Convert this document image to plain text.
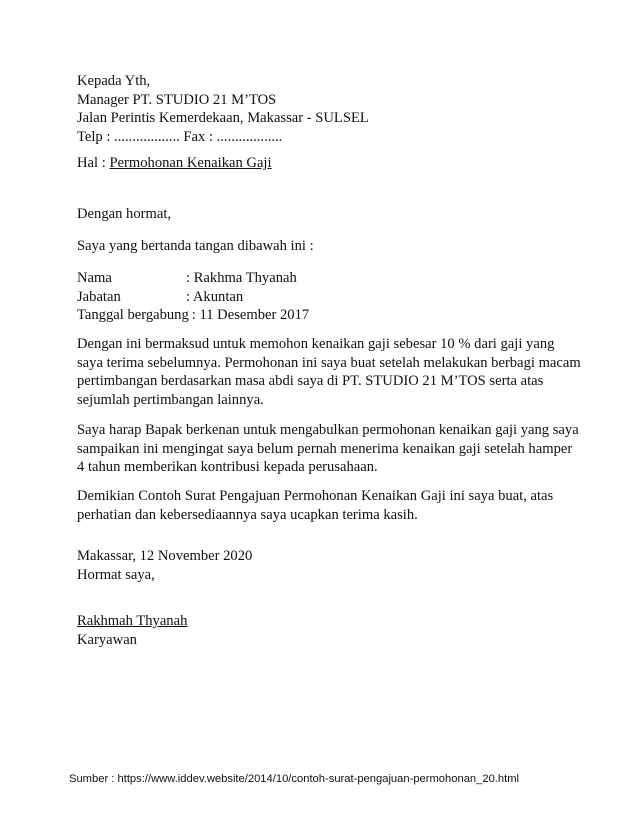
Kepada Yth,
Manager PT. STUDIO 21 M’TOS
Jalan Perintis Kemerdekaan, Makassar - SULSEL
Telp : .................. Fax : ..................
Hal : Permohonan Kenaikan Gaji
Dengan hormat,
Saya yang bertanda tangan dibawah ini :
Nama	: Rakhma Thyanah
Jabatan	: Akuntan
Tanggal bergabung : 11 Desember 2017
Dengan ini bermaksud untuk memohon kenaikan gaji sebesar 10 % dari gaji yang
saya terima sebelumnya. Permohonan ini saya buat setelah melakukan berbagi macam
pertimbangan berdasarkan masa abdi saya di PT. STUDIO 21 M’TOS serta atas
sejumlah pertimbangan lainnya.
Saya harap Bapak berkenan untuk mengabulkan permohonan kenaikan gaji yang saya
sampaikan ini mengingat saya belum pernah menerima kenaikan gaji setelah hamper
4 tahun memberikan kontribusi kepada perusahaan.
Demikian Contoh Surat Pengajuan Permohonan Kenaikan Gaji ini saya buat, atas
perhatian dan kebersediaannya saya ucapkan terima kasih.
Makassar, 12 November 2020
Hormat saya,
Rakhmah Thyanah
Karyawan
Sumber : https://www.iddev.website/2014/10/contoh-surat-pengajuan-permohonan_20.html
